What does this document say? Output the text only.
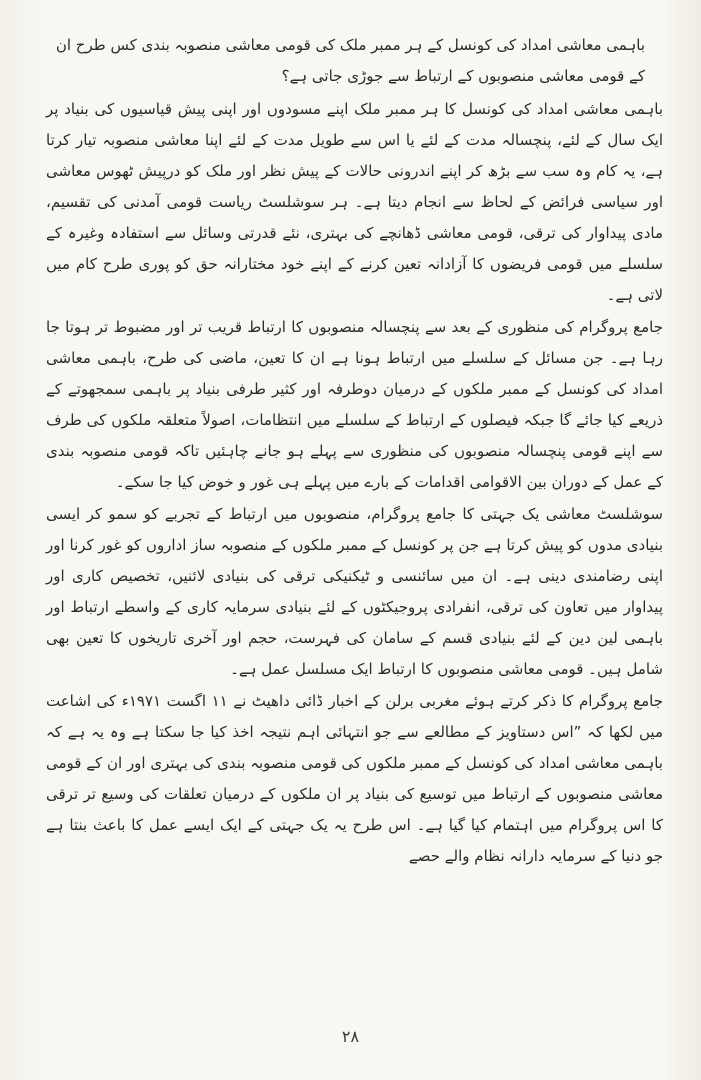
باہمی معاشی امداد کی کونسل کے ہر ممبر ملک کی قومی معاشی منصوبہ بندی کس طرح ان کے قومی معاشی منصوبوں کے ارتباط سے جوڑی جاتی ہے؟

باہمی معاشی امداد کی کونسل کا ہر ممبر ملک اپنے مسودوں اور اپنی پیش قیاسیوں کی بنیاد پر ایک سال کے لئے، پنچسالہ مدت کے لئے یا اس سے طویل مدت کے لئے اپنا معاشی منصوبہ تیار کرتا ہے، یہ کام وہ سب سے بڑھ کر اپنے اندرونی حالات کے پیش نظر اور ملک کو درپیش ٹھوس معاشی اور سیاسی فرائض کے لحاظ سے انجام دیتا ہے۔ ہر سوشلسٹ ریاست قومی آمدنی کی تقسیم، مادی پیداوار کی ترقی، قومی معاشی ڈھانچے کی بہتری، نئے قدرتی وسائل سے استفادہ وغیرہ کے سلسلے میں قومی فریضوں کا آزادانہ تعین کرنے کے اپنے خود مختارانہ حق کو پوری طرح کام میں لاتی ہے۔

جامع پروگرام کی منظوری کے بعد سے پنچسالہ منصوبوں کا ارتباط قریب تر اور مضبوط تر ہوتا جا رہا ہے۔ جن مسائل کے سلسلے میں ارتباط ہونا ہے ان کا تعین، ماضی کی طرح، باہمی معاشی امداد کی کونسل کے ممبر ملکوں کے درمیان دوطرفہ اور کثیر طرفی بنیاد پر باہمی سمجھوتے کے ذریعے کیا جائے گا جبکہ فیصلوں کے ارتباط کے سلسلے میں انتظامات، اصولاً متعلقہ ملکوں کی طرف سے اپنے قومی پنچسالہ منصوبوں کی منظوری سے پہلے ہو جانے چاہئیں تاکہ قومی منصوبہ بندی کے عمل کے دوران بین الاقوامی اقدامات کے بارے میں پہلے ہی غور و خوض کیا جا سکے۔

سوشلسٹ معاشی یک جہتی کا جامع پروگرام، منصوبوں میں ارتباط کے تجربے کو سمو کر ایسی بنیادی مدوں کو پیش کرتا ہے جن پر کونسل کے ممبر ملکوں کے منصوبہ ساز اداروں کو غور کرنا اور اپنی رضامندی دینی ہے۔ ان میں سائنسی و ٹیکنیکی ترقی کی بنیادی لائنیں، تخصیص کاری اور پیداوار میں تعاون کی ترقی، انفرادی پروجیکٹوں کے لئے بنیادی سرمایہ کاری کے واسطے ارتباط اور باہمی لین دین کے لئے بنیادی قسم کے سامان کی فہرست، حجم اور آخری تاریخوں کا تعین بھی شامل ہیں۔ قومی معاشی منصوبوں کا ارتباط ایک مسلسل عمل ہے۔

جامع پروگرام کا ذکر کرتے ہوئے مغربی برلن کے اخبار ڈائی داھیٹ نے ۱۱ اگست ۱۹۷۱ء کی اشاعت میں لکھا کہ ”اس دستاویز کے مطالعے سے جو انتہائی اہم نتیجہ اخذ کیا جا سکتا ہے وہ یہ ہے کہ باہمی معاشی امداد کی کونسل کے ممبر ملکوں کی قومی منصوبہ بندی کی بہتری اور ان کے قومی معاشی منصوبوں کے ارتباط میں توسیع کی بنیاد پر ان ملکوں کے درمیان تعلقات کی وسیع تر ترقی کا اس پروگرام میں اہتمام کیا گیا ہے۔ اس طرح یہ یک جہتی کے ایک ایسے عمل کا باعث بنتا ہے جو دنیا کے سرمایہ دارانہ نظام والے حصے

۲۸
